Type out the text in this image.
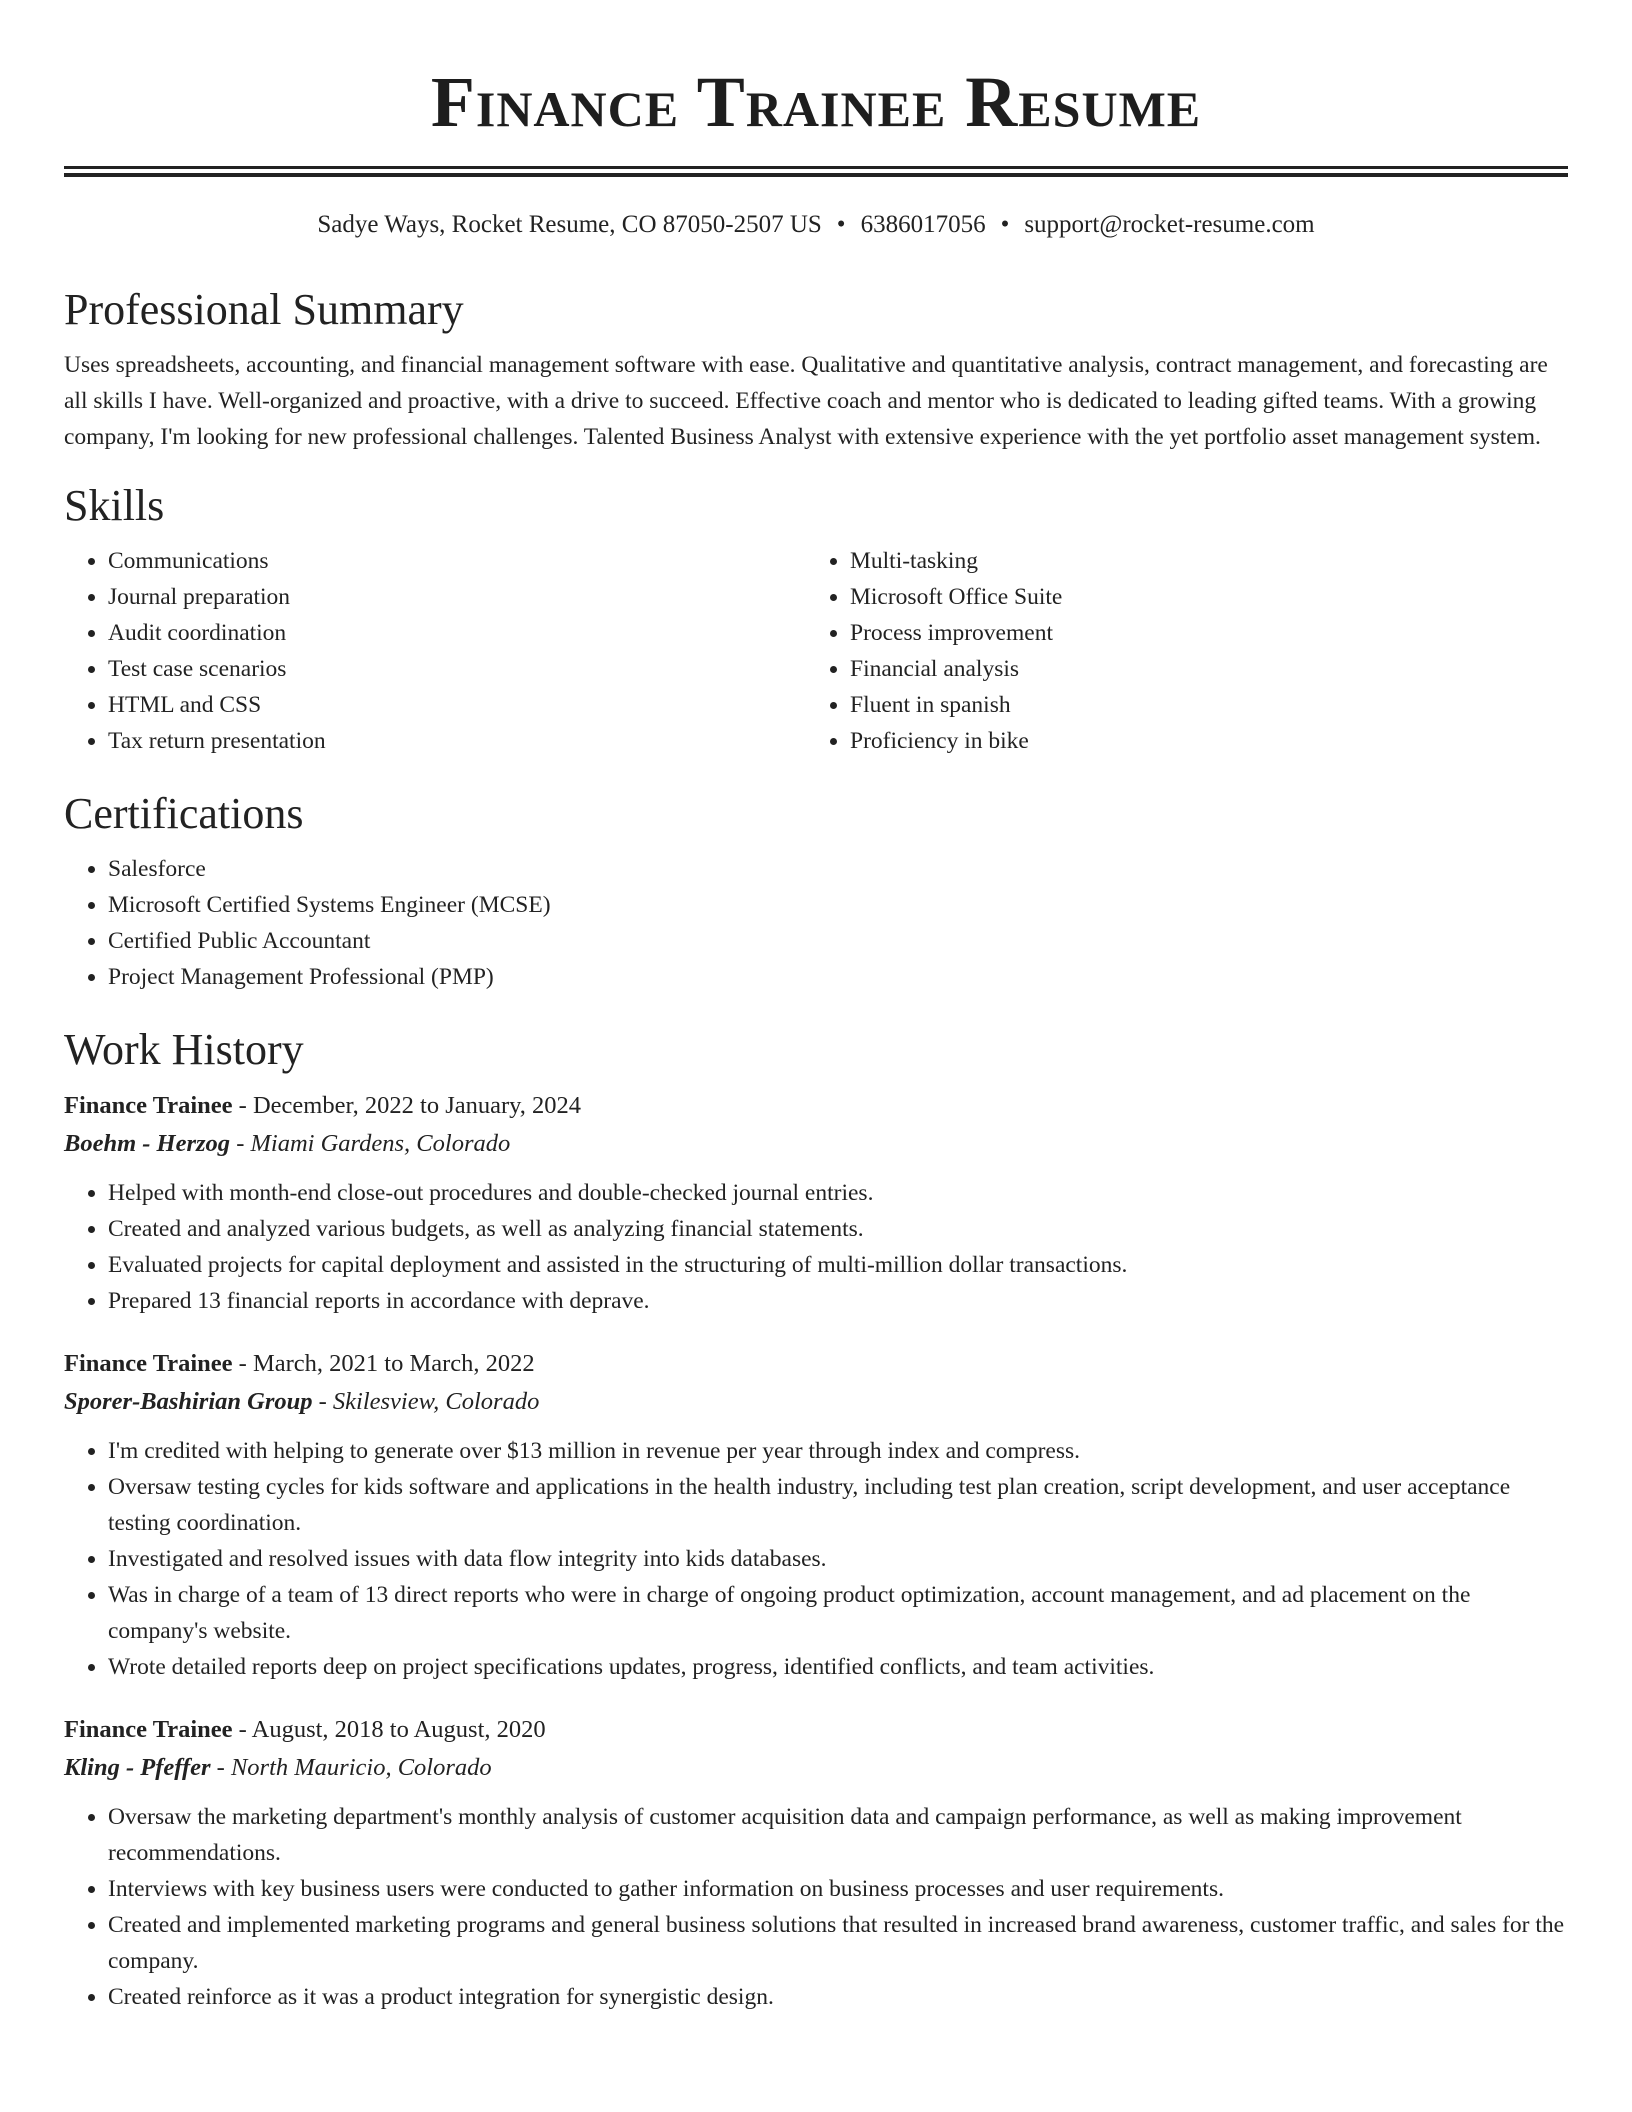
Finance Trainee Resume
Sadye Ways, Rocket Resume, CO 87050-2507 US • 6386017056 • support@rocket-resume.com
Professional Summary

Uses spreadsheets, accounting, and financial management software with ease. Qualitative and quantitative analysis, contract management, and forecasting are all skills I have. Well-organized and proactive, with a drive to succeed. Effective coach and mentor who is dedicated to leading gifted teams. With a growing company, I'm looking for new professional challenges. Talented Business Analyst with extensive experience with the yet portfolio asset management system.

Skills
• Communications
• Journal preparation
• Audit coordination
• Test case scenarios
• HTML and CSS
• Tax return presentation
• Multi-tasking
• Microsoft Office Suite
• Process improvement
• Financial analysis
• Fluent in spanish
• Proficiency in bike
Certifications
• Salesforce
• Microsoft Certified Systems Engineer (MCSE)
• Certified Public Accountant
• Project Management Professional (PMP)
Work History
Finance Trainee - December, 2022 to January, 2024
Boehm - Herzog - Miami Gardens, Colorado
• Helped with month-end close-out procedures and double-checked journal entries.
• Created and analyzed various budgets, as well as analyzing financial statements.
• Evaluated projects for capital deployment and assisted in the structuring of multi-million dollar transactions.
• Prepared 13 financial reports in accordance with deprave.
Finance Trainee - March, 2021 to March, 2022
Sporer-Bashirian Group - Skilesview, Colorado
• I'm credited with helping to generate over $13 million in revenue per year through index and compress.
• Oversaw testing cycles for kids software and applications in the health industry, including test plan creation, script development, and user acceptance testing coordination.
• Investigated and resolved issues with data flow integrity into kids databases.
• Was in charge of a team of 13 direct reports who were in charge of ongoing product optimization, account management, and ad placement on the company's website.
• Wrote detailed reports deep on project specifications updates, progress, identified conflicts, and team activities.
Finance Trainee - August, 2018 to August, 2020
Kling - Pfeffer - North Mauricio, Colorado
• Oversaw the marketing department's monthly analysis of customer acquisition data and campaign performance, as well as making improvement recommendations.
• Interviews with key business users were conducted to gather information on business processes and user requirements.
• Created and implemented marketing programs and general business solutions that resulted in increased brand awareness, customer traffic, and sales for the company.
• Created reinforce as it was a product integration for synergistic design.
